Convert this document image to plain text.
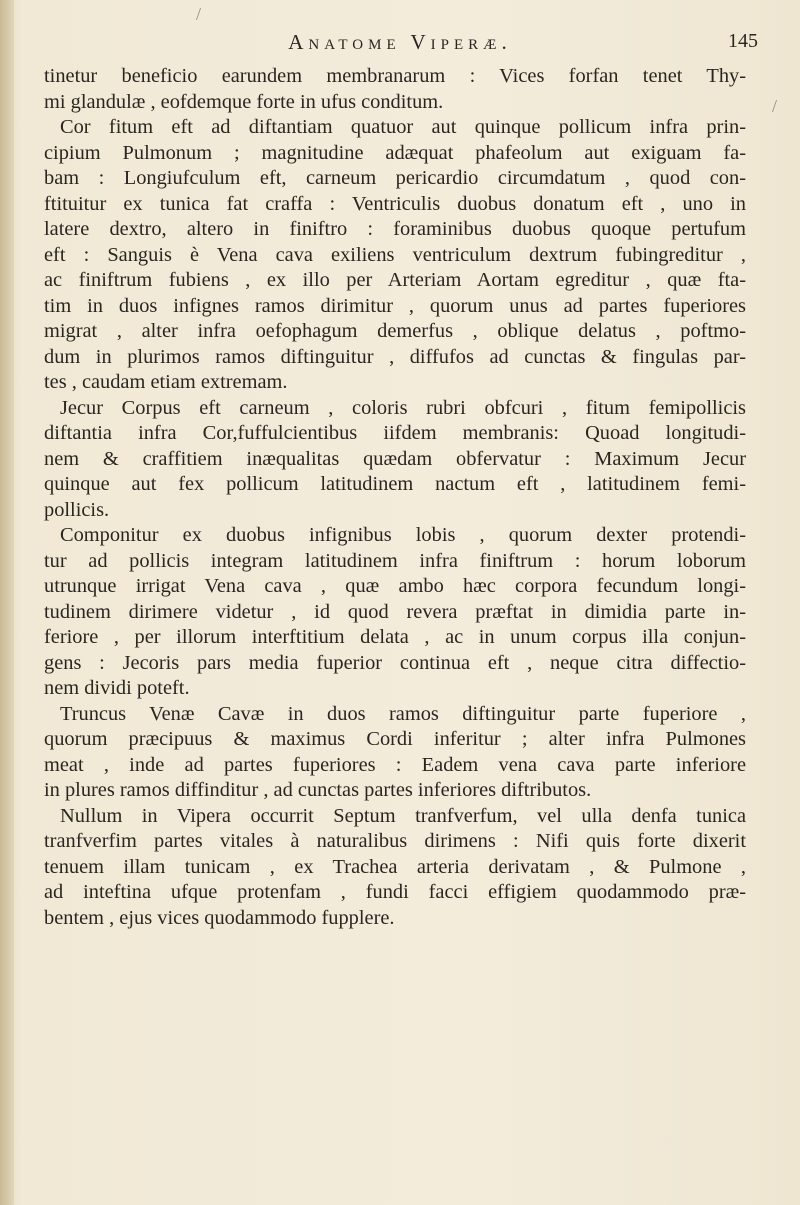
Anatome Viperæ.	145
tinetur beneficio earundem membranarum : Vices forfan tenet Thy-
mi glandulæ , eofdemque forte in ufus conditum.
Cor fitum eft ad diftantiam quatuor aut quinque pollicum infra prin-
cipium Pulmonum ; magnitudine adæquat phafeolum aut exiguam fa-
bam : Longiufculum eft, carneum pericardio circumdatum , quod con-
ftituitur ex tunica fat craffa : Ventriculis duobus donatum eft , uno in
latere dextro, altero in finiftro : foraminibus duobus quoque pertufum
eft : Sanguis è Vena cava exiliens ventriculum dextrum fubingreditur ,
ac finiftrum fubiens , ex illo per Arteriam Aortam egreditur , quæ fta-
tim in duos infignes ramos dirimitur , quorum unus ad partes fuperiores
migrat , alter infra oefophagum demerfus , oblique delatus , poftmo-
dum in plurimos ramos diftinguitur , diffufos ad cunctas & fingulas par-
tes , caudam etiam extremam.
Jecur Corpus eft carneum , coloris rubri obfcuri , fitum femipollicis
diftantia infra Cor,fuffulcientibus iifdem membranis: Quoad longitudi-
nem & craffitiem inæqualitas quædam obfervatur : Maximum Jecur
quinque aut fex pollicum latitudinem nactum eft , latitudinem femi-
pollicis.
Componitur ex duobus infignibus lobis , quorum dexter protendi-
tur ad pollicis integram latitudinem infra finiftrum : horum loborum
utrunque irrigat Vena cava , quæ ambo hæc corpora fecundum longi-
tudinem dirimere videtur , id quod revera præftat in dimidia parte in-
feriore , per illorum interftitium delata , ac in unum corpus illa conjun-
gens : Jecoris pars media fuperior continua eft , neque citra diffectio-
nem dividi poteft.
Truncus Venæ Cavæ in duos ramos diftinguitur parte fuperiore ,
quorum præcipuus & maximus Cordi inferitur ; alter infra Pulmones
meat , inde ad partes fuperiores : Eadem vena cava parte inferiore
in plures ramos diffinditur , ad cunctas partes inferiores diftributos.
Nullum in Vipera occurrit Septum tranfverfum, vel ulla denfa tunica
tranfverfim partes vitales à naturalibus dirimens : Nifi quis forte dixerit
tenuem illam tunicam , ex Trachea arteria derivatam , & Pulmone ,
ad inteftina ufque protenfam , fundi facci effigiem quodammodo præ-
bentem , ejus vices quodammodo fupplere.
/
/
